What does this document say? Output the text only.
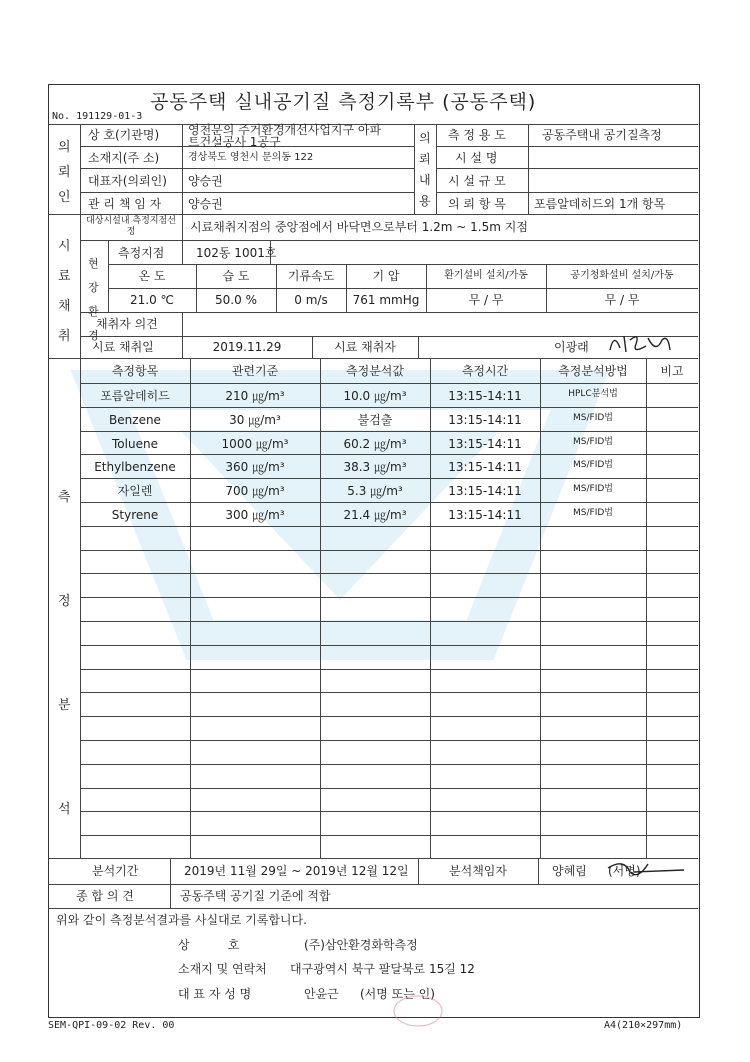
공동주택 실내공기질 측정기록부 (공동주택)
No. 191129-01-3
의뢰인
상 호(기관명) 영천문의 주거환경개선사업지구 아파
트건설공사 1공구
소재지(주 소)	경상북도 영천시 문의동 122
대표자(의뢰인) 양승권
관 리 책 임 자 양승권
의뢰내용
측 정 용 도	공동주택내 공기질측정
시 설 명
시 설 규 모
의 뢰 항 목 포름알데히드외 1개 항목
시료채취
대상시설내 측정지점선정	시료채취지점의 중앙점에서 바닥면으로부터 1.2m ~ 1.5m 지점
현장환경
측정지점	102동 1001호
온 도	습 도	기류속도	기 압	환기설비 설치/가동	공기청화설비 설치/가동
21.0 ℃	50.0 %	0 m/s	761 mmHg	무 / 무	무 / 무
채취자 의견
시료 채취일	2019.11.29	시료 채취자	이광래
측정분석
측정항목	관련기준	측정분석값	측정시간	측정분석방법	비고
포름알데히드	210 ㎍/m³	10.0 ㎍/m³	13:15-14:11	HPLC분석법
Benzene	30 ㎍/m³	불검출	13:15-14:11	MS/FID법
Toluene	1000 ㎍/m³	60.2 ㎍/m³	13:15-14:11	MS/FID법
Ethylbenzene	360 ㎍/m³	38.3 ㎍/m³	13:15-14:11	MS/FID법
자일렌	700 ㎍/m³	5.3 ㎍/m³	13:15-14:11	MS/FID법
Styrene	300 ㎍/m³	21.4 ㎍/m³	13:15-14:11	MS/FID법
분석기간	2019년 11월 29일 ~ 2019년 12월 12일	분석책임자	양혜림 (서명)
종 합 의 견	공동주택 공기질 기준에 적합
위와 같이 측정분석결과를 사실대로 기록합니다.
상          호	(주)삼안환경화학측정
소재지 및 연락처 대구광역시 북구 팔달북로 15길 12
대 표 자 성 명	안윤근 (서명 또는 인)
SEM-QPI-09-02 Rev. 00	A4(210×297mm)
